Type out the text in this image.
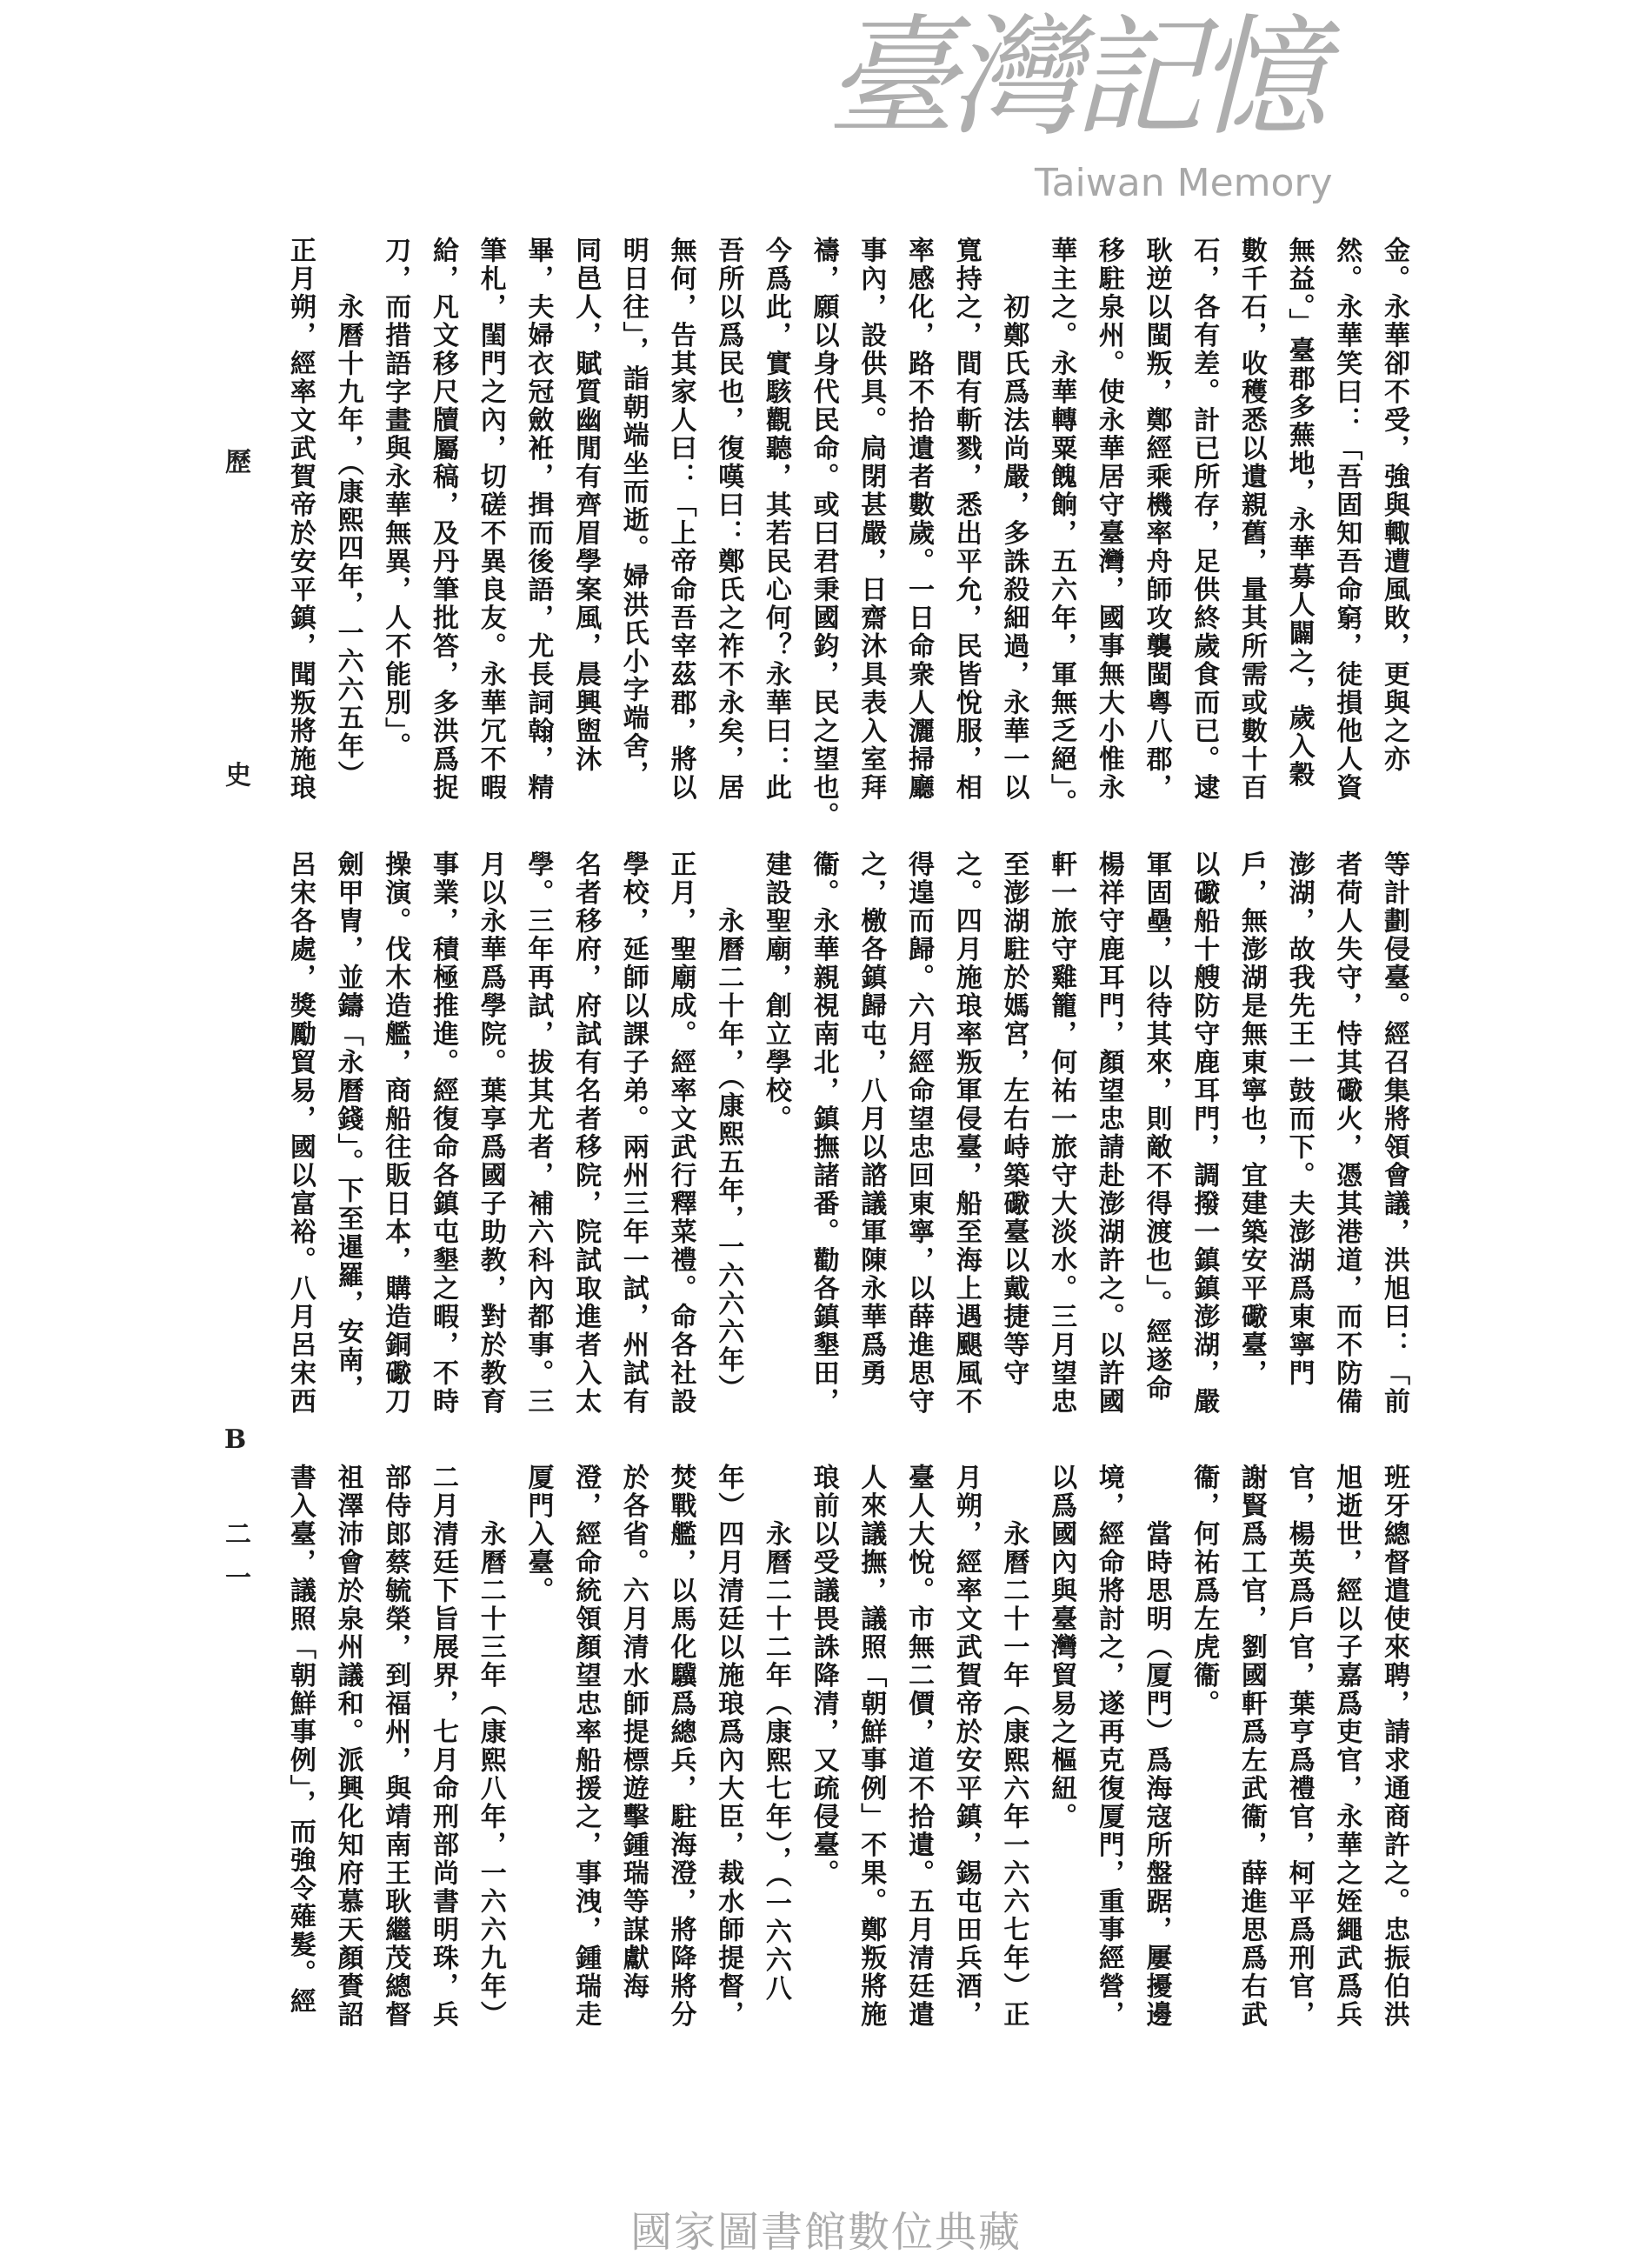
歷　史
B 二一
金。永華卻不受，強與輙遭風敗，更與之亦
然。永華笑曰：「吾固知吾命窮，徒損他人資
無益。」臺郡多蕪地，永華募人闢之，歲入穀
數千石，收穫悉以遺親舊，量其所需或數十百
石，各有差。計已所存，足供終歲食而已。逮
耿逆以閩叛，鄭經乘機率舟師攻襲閩粵八郡，
移駐泉州。使永華居守臺灣，國事無大小惟永
華主之。永華轉粟餽餉，五六年，軍無乏絕」。
初鄭氏爲法尚嚴，多誅殺細過，永華一以
寬持之，間有斬戮，悉出平允，民皆悅服，相
率感化，路不拾遺者數歲。一日命衆人灑掃廳
事內，設供具。扃閉甚嚴，日齋沐具表入室拜
禱，願以身代民命。或曰君秉國鈞，民之望也。
今爲此，實駭觀聽，其若民心何？永華曰：此
吾所以爲民也，復嘆曰：鄭氏之祚不永矣，居
無何，告其家人曰：「上帝命吾宰茲郡，將以
明日往」，詣朝端坐而逝。婦洪氏小字端舍，
同邑人，賦質幽閒有齊眉學案風，晨興盥沐
畢，夫婦衣冠斂袵，揖而後語，尤長詞翰，精
筆札，閨門之內，切磋不異良友。永華冗不暇
給，凡文移尺牘屬稿，及丹筆批答，多洪爲捉
刀，而措語字畫與永華無異，人不能別」。
永曆十九年，（康熙四年，一六六五年）
正月朔，經率文武賀帝於安平鎮，聞叛將施琅
等計劃侵臺。經召集將領會議，洪旭曰：「前
者荷人失守，恃其礮火，憑其港道，而不防備
澎湖，故我先王一鼓而下。夫澎湖爲東寧門
戶，無澎湖是無東寧也，宜建築安平礮臺，
以礮船十艘防守鹿耳門，調撥一鎮鎮澎湖，嚴
軍固壘，以待其來，則敵不得渡也」。經遂命
楊祥守鹿耳門，顏望忠請赴澎湖許之。以許國
軒一旅守雞籠，何祐一旅守大淡水。三月望忠
至澎湖駐於媽宮，左右峙築礮臺以戴捷等守
之。四月施琅率叛軍侵臺，船至海上遇颶風不
得遑而歸。六月經命望忠回東寧，以薛進思守
之，檄各鎮歸屯，八月以諮議軍陳永華爲勇
衞。永華親視南北，鎮撫諸番。勸各鎮墾田，
建設聖廟，創立學校。
永曆二十年，（康熙五年，一六六六年）
正月，聖廟成。經率文武行釋菜禮。命各社設
學校，延師以課子弟。兩州三年一試，州試有
名者移府，府試有名者移院，院試取進者入太
學。三年再試，拔其尤者，補六科內都事。三
月以永華爲學院。葉享爲國子助教，對於教育
事業，積極推進。經復命各鎮屯墾之暇，不時
操演。伐木造艦，商船往販日本，購造銅礮刀
劍甲冑，並鑄「永曆錢」。下至暹羅，安南，
呂宋各處，獎勵貿易，國以富裕。八月呂宋西
班牙總督遣使來聘，請求通商許之。忠振伯洪
旭逝世，經以子嘉爲吏官，永華之姪繩武爲兵
官，楊英爲戶官，葉亨爲禮官，柯平爲刑官，
謝賢爲工官，劉國軒爲左武衞，薛進思爲右武
衞，何祐爲左虎衞。
當時思明（厦門）爲海寇所盤踞，屢擾邊
境，經命將討之，遂再克復厦門，重事經營，
以爲國內與臺灣貿易之樞紐。
永曆二十一年（康熙六年一六六七年）正
月朔，經率文武賀帝於安平鎮，錫屯田兵酒，
臺人大悅。市無二價，道不拾遺。五月清廷遣
人來議撫，議照「朝鮮事例」不果。鄭叛將施
琅前以受議畏誅降清，又疏侵臺。
永曆二十二年（康熙七年），（一六六八
年）四月清廷以施琅爲內大臣，裁水師提督，
焚戰艦，以馬化驥爲總兵，駐海澄，將降將分
於各省。六月清水師提標遊擊鍾瑞等謀獻海
澄，經命統領顏望忠率船援之，事洩，鍾瑞走
厦門入臺。
永曆二十三年（康熙八年，一六六九年）
二月清廷下旨展界，七月命刑部尚書明珠，兵
部侍郎蔡毓榮，到福州，與靖南王耿繼茂總督
祖澤沛會於泉州議和。派興化知府慕天顏賚詔
書入臺，議照「朝鮮事例」，而強令薙髮。經
臺灣記憶
Taiwan Memory
國家圖書館數位典藏
